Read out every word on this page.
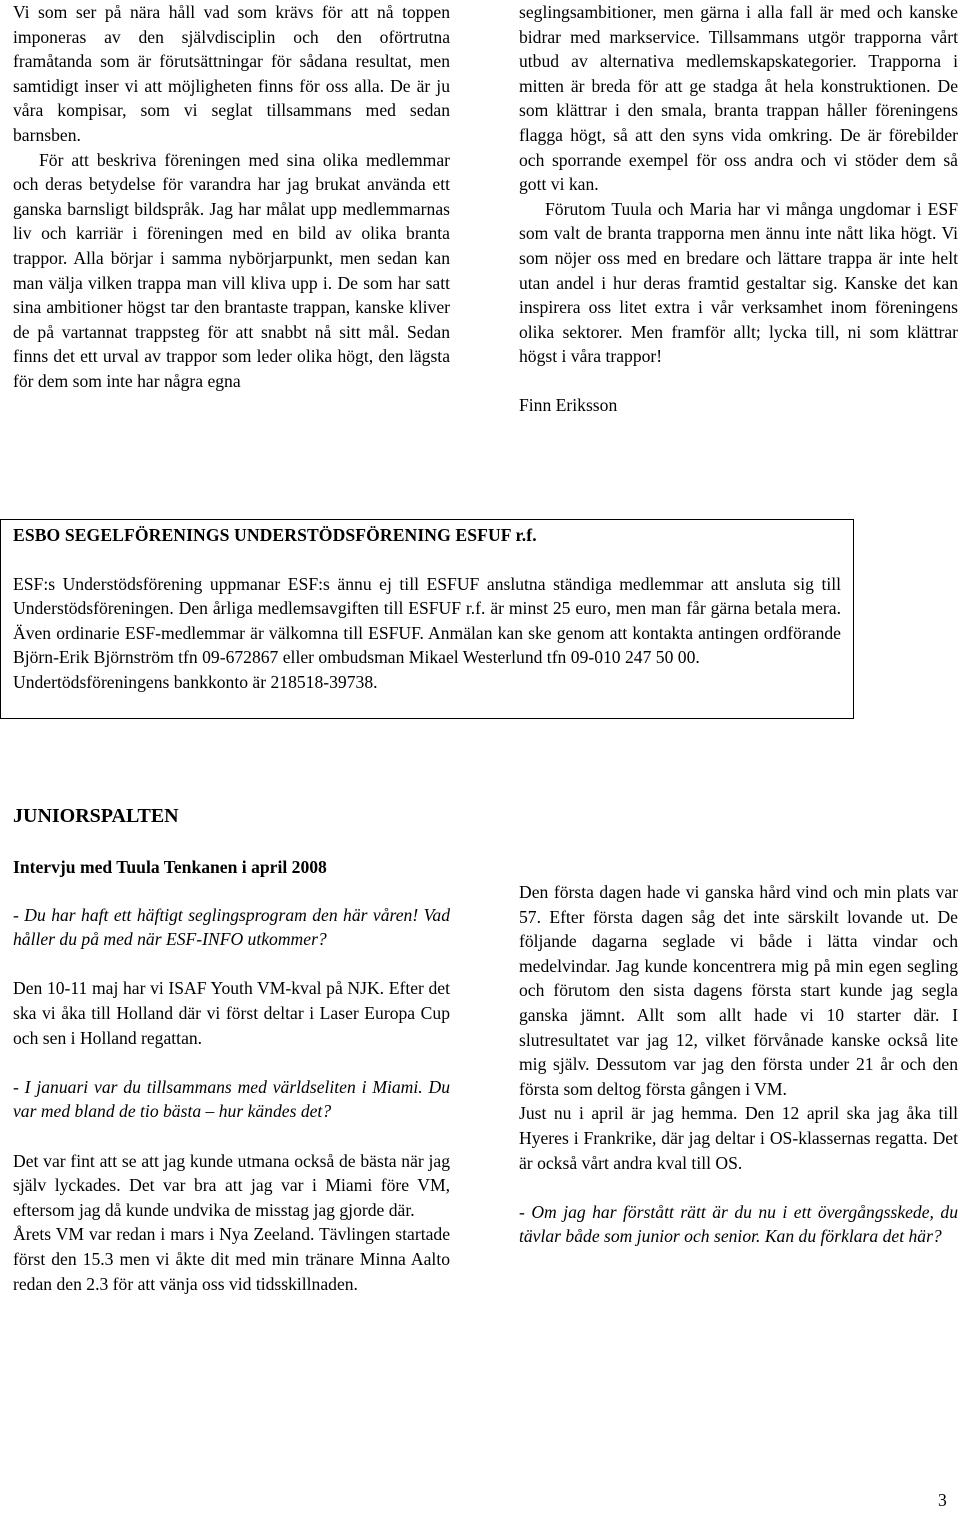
Vi som ser på nära håll vad som krävs för att nå toppen imponeras av den självdisciplin och den oförtrutna framåtanda som är förutsättningar för sådana resultat, men samtidigt inser vi att möjligheten finns för oss alla. De är ju våra kompisar, som vi seglat tillsammans med sedan barnsben.

För att beskriva föreningen med sina olika medlemmar och deras betydelse för varandra har jag brukat använda ett ganska barnsligt bildspråk. Jag har målat upp medlemmarnas liv och karriär i föreningen med en bild av olika branta trappor. Alla börjar i samma nybörjarpunkt, men sedan kan man välja vilken trappa man vill kliva upp i. De som har satt sina ambitioner högst tar den brantaste trappan, kanske kliver de på vartannat trappsteg för att snabbt nå sitt mål. Sedan finns det ett urval av trappor som leder olika högt, den lägsta för dem som inte har några egna

seglingsambitioner, men gärna i alla fall är med och kanske bidrar med markservice. Tillsammans utgör trapporna vårt utbud av alternativa medlemskapskategorier. Trapporna i mitten är breda för att ge stadga åt hela konstruktionen. De som klättrar i den smala, branta trappan håller föreningens flagga högt, så att den syns vida omkring. De är förebilder och sporrande exempel för oss andra och vi stöder dem så gott vi kan.

Förutom Tuula och Maria har vi många ungdomar i ESF som valt de branta trapporna men ännu inte nått lika högt. Vi som nöjer oss med en bredare och lättare trappa är inte helt utan andel i hur deras framtid gestaltar sig. Kanske det kan inspirera oss litet extra i vår verksamhet inom föreningens olika sektorer. Men framför allt; lycka till, ni som klättrar högst i våra trappor!

Finn Eriksson

ESBO SEGELFÖRENINGS UNDERSTÖDSFÖRENING ESFUF r.f.

ESF:s Understödsförening uppmanar ESF:s ännu ej till ESFUF anslutna ständiga medlemmar att ansluta sig till Understödsföreningen. Den årliga medlemsavgiften till ESFUF r.f. är minst 25 euro, men man får gärna betala mera. Även ordinarie ESF-medlemmar är välkomna till ESFUF. Anmälan kan ske genom att kontakta antingen ordförande Björn-Erik Björnström tfn 09-672867 eller ombudsman Mikael Westerlund tfn 09-010 247 50 00.

Undertödsföreningens bankkonto är 218518-39738.

JUNIORSPALTEN
Intervju med Tuula Tenkanen i april 2008

- Du har haft ett häftigt seglingsprogram den här våren! Vad håller du på med när ESF-INFO utkommer?

Den 10-11 maj har vi ISAF Youth VM-kval på NJK. Efter det ska vi åka till Holland där vi först deltar i Laser Europa Cup och sen i Holland regattan.

- I januari var du tillsammans med världseliten i Miami. Du var med bland de tio bästa – hur kändes det?

Det var fint att se att jag kunde utmana också de bästa när jag själv lyckades. Det var bra att jag var i Miami före VM, eftersom jag då kunde undvika de misstag jag gjorde där.

Årets VM var redan i mars i Nya Zeeland. Tävlingen startade först den 15.3 men vi åkte dit med min tränare Minna Aalto redan den 2.3 för att vänja oss vid tidsskillnaden.

Den första dagen hade vi ganska hård vind och min plats var 57. Efter första dagen såg det inte särskilt lovande ut. De följande dagarna seglade vi både i lätta vindar och medelvindar. Jag kunde koncentrera mig på min egen segling och förutom den sista dagens första start kunde jag segla ganska jämnt. Allt som allt hade vi 10 starter där. I slutresultatet var jag 12, vilket förvånade kanske också lite mig själv. Dessutom var jag den första under 21 år och den första som deltog första gången i VM.

Just nu i april är jag hemma. Den 12 april ska jag åka till Hyeres i Frankrike, där jag deltar i OS-klassernas regatta. Det är också vårt andra kval till OS.

- Om jag har förstått rätt är du nu i ett övergångsskede, du tävlar både som junior och senior. Kan du förklara det här?

3
